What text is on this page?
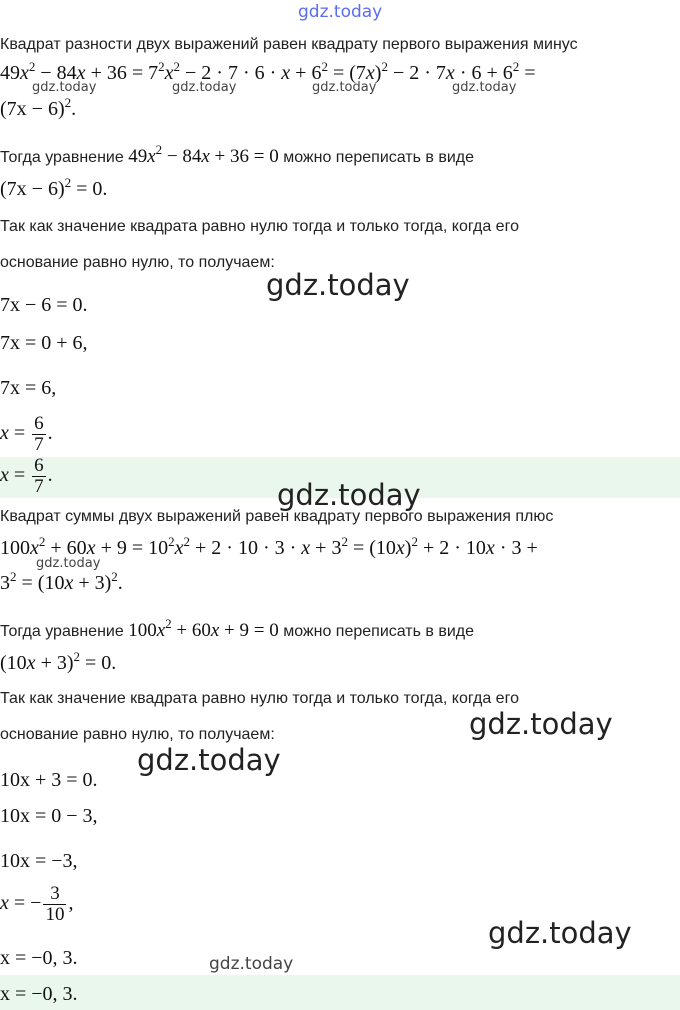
gdz.today
Квадрат разности двух выражений равен квадрату первого выражения минус
$49x^2 - 84x + 36 = 7^2x^2 - 2 \cdot 7 \cdot 6 \cdot x + 6^2 = (7x)^2 - 2 \cdot 7x \cdot 6 + 6^2$ =
$(7x - 6)^2$.
Тогда уравнение $49x^2 - 84x + 36 = 0$ можно переписать в виде
$(7x - 6)^2 = 0$.
Так как значение квадрата равно нулю тогда и только тогда, когда его
основание равно нулю, то получаем:
7x − 6 = 0.
7x = 0 + 6,
7x = 6,
$x = \frac{6}{7}$ .
$x = \frac{6}{7}$ .
Квадрат суммы двух выражений равен квадрату первого выражения плюс
$100x^2 + 60x + 9 = 10^2x^2 + 2 \cdot 10 \cdot 3 \cdot x + 3^2 = (10x)^2 + 2 \cdot 10x \cdot 3$ +
$3^2 = (10x + 3)^2$.
Тогда уравнение $100x^2 + 60x + 9 = 0$ можно переписать в виде
$(10x + 3)^2 = 0$.
Так как значение квадрата равно нулю тогда и только тогда, когда его
основание равно нулю, то получаем:
10x + 3 = 0.
10x = 0 − 3,
10x = −3,
x = − $\frac{3}{10}$ ,
x = −0, 3.
x = −0, 3.
gdz.today	gdz.today	gdz.today	gdz.today
gdz.today
gdz.today
gdz.today
gdz.today
gdz.today
gdz.today
gdz.today
